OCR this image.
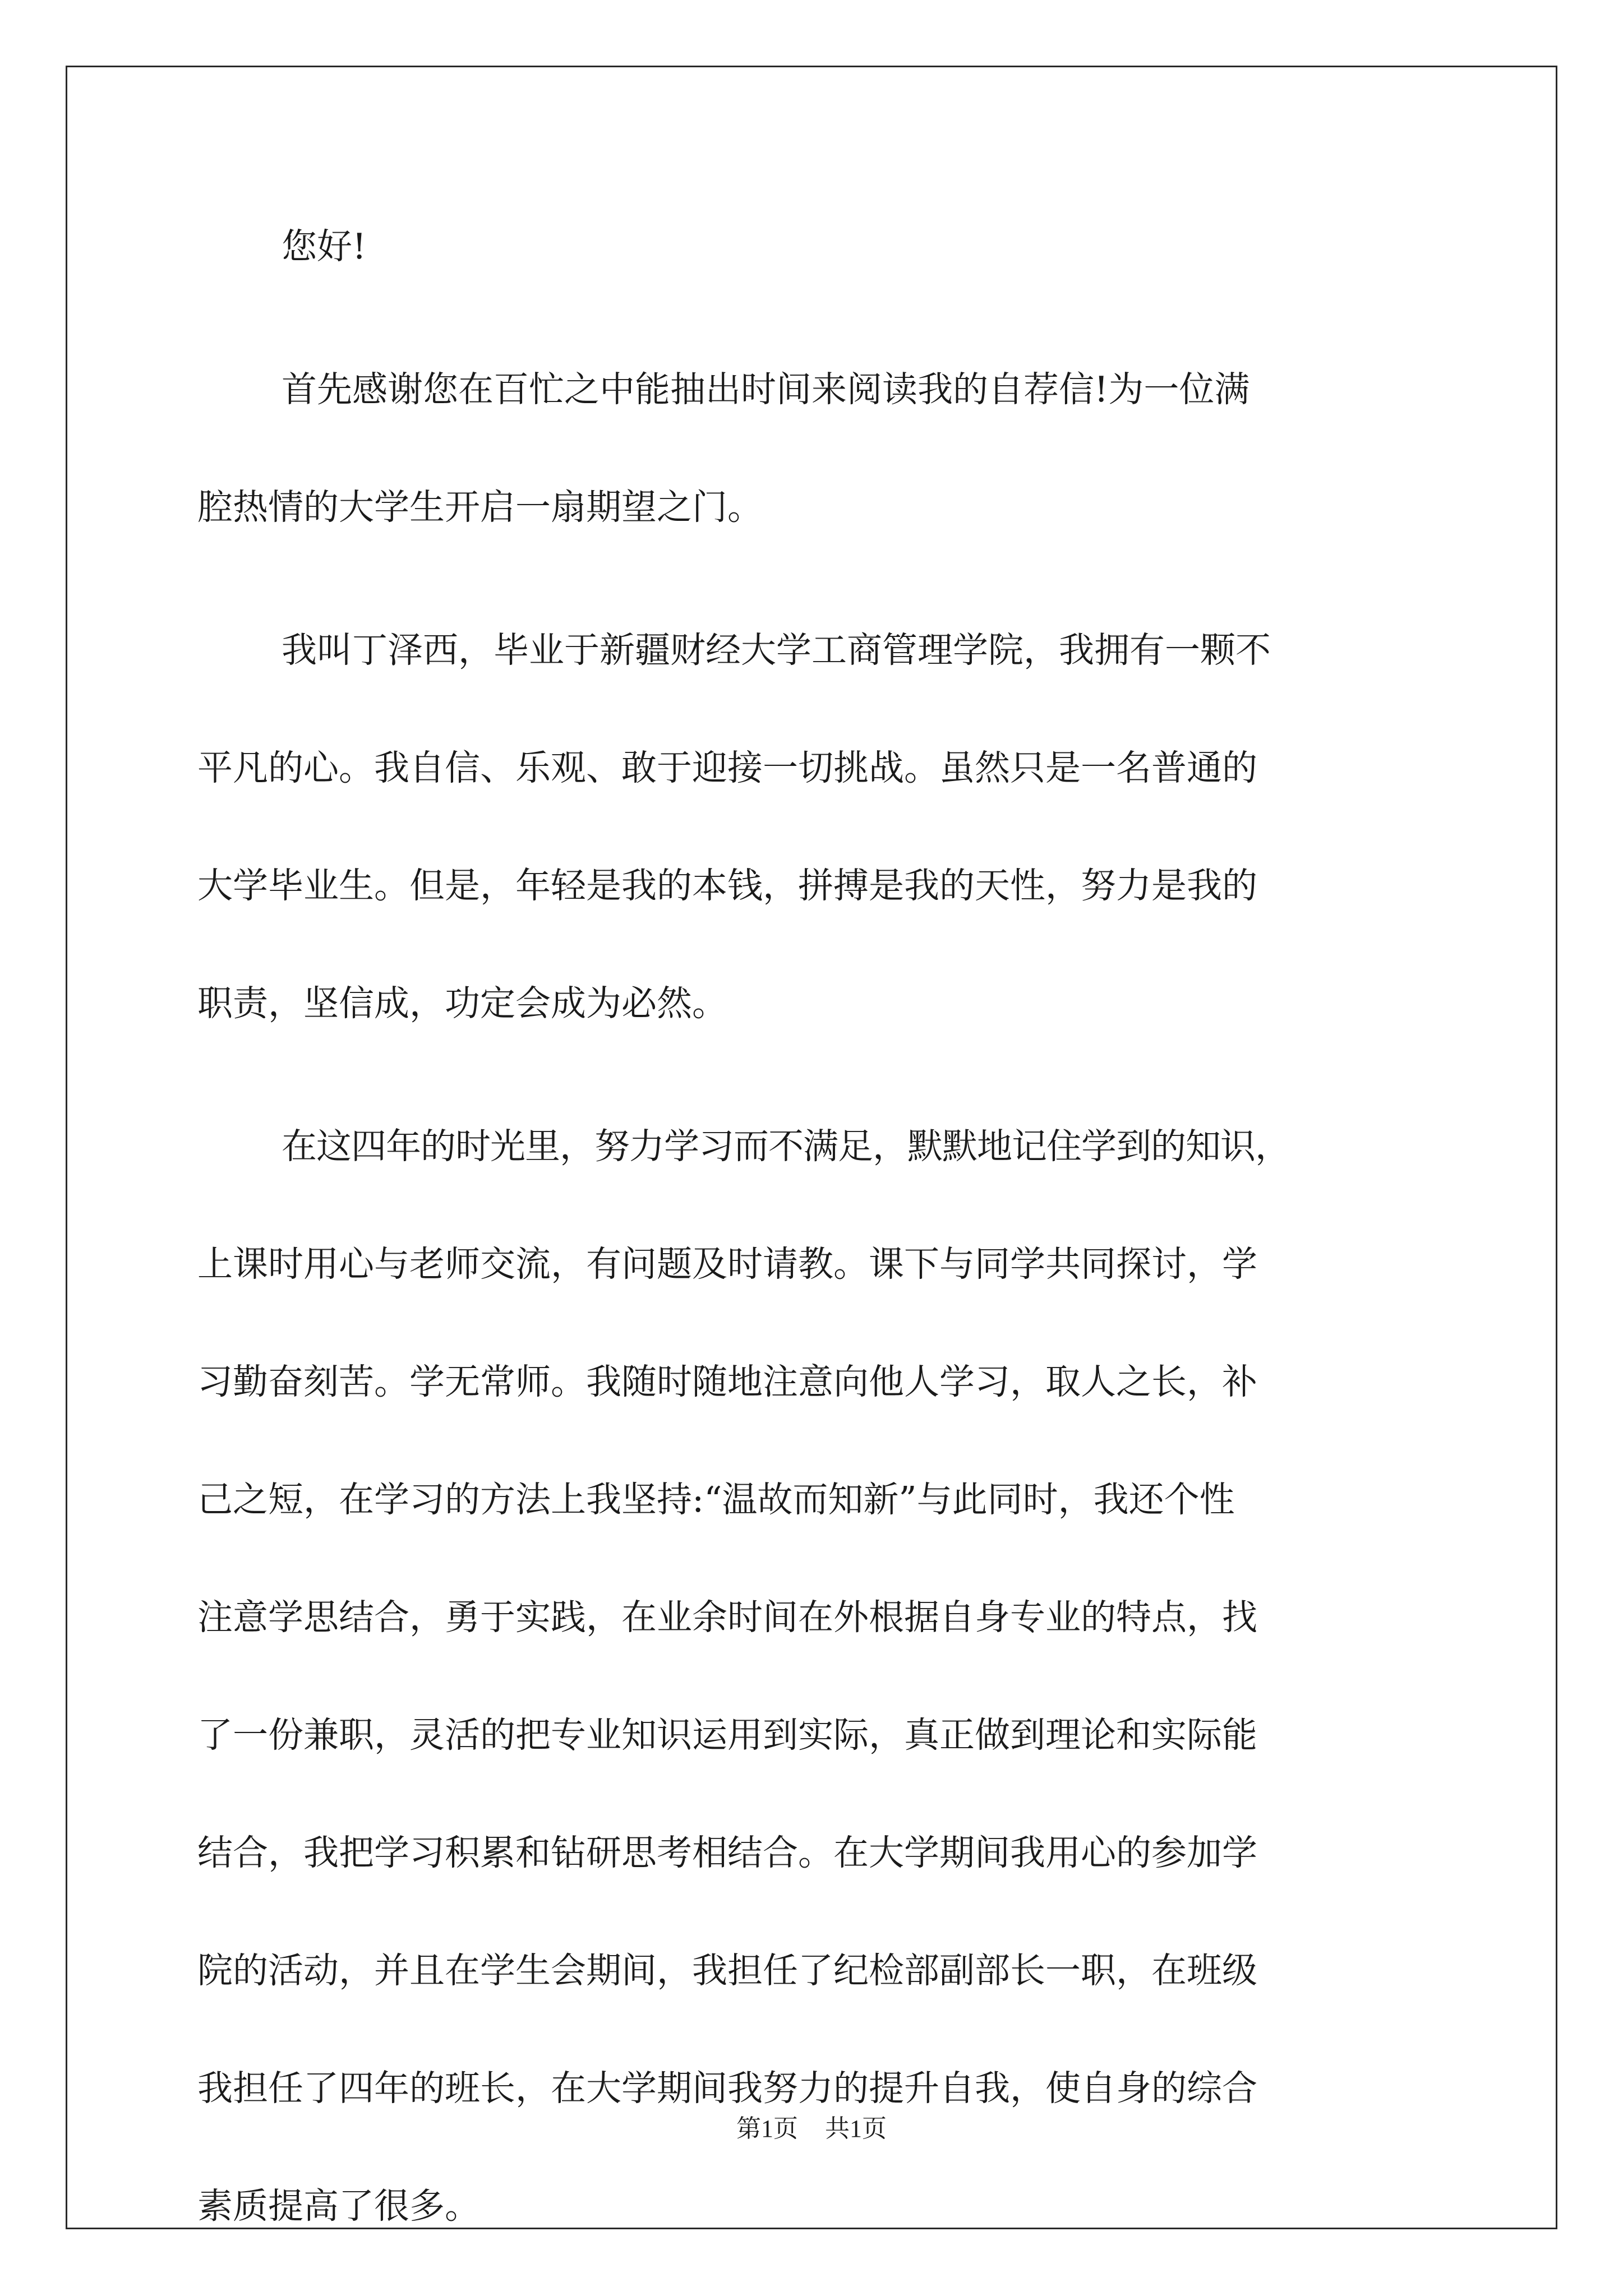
您好!
首先感谢您在百忙之中能抽出时间来阅读我的自荐信!为一位满
腔热情的大学生开启一扇期望之门。
我叫丁泽西，毕业于新疆财经大学工商管理学院，我拥有一颗不
平凡的心。我自信、乐观、敢于迎接一切挑战。虽然只是一名普通的
大学毕业生。但是，年轻是我的本钱，拼搏是我的天性，努力是我的
职责，坚信成，功定会成为必然。
在这四年的时光里，努力学习而不满足，默默地记住学到的知识，
上课时用心与老师交流，有问题及时请教。课下与同学共同探讨，学
习勤奋刻苦。学无常师。我随时随地注意向他人学习，取人之长，补
己之短，在学习的方法上我坚持:“温故而知新”与此同时，我还个性
注意学思结合，勇于实践，在业余时间在外根据自身专业的特点，找
了一份兼职，灵活的把专业知识运用到实际，真正做到理论和实际能
结合，我把学习积累和钻研思考相结合。在大学期间我用心的参加学
院的活动，并且在学生会期间，我担任了纪检部副部长一职，在班级
我担任了四年的班长，在大学期间我努力的提升自我，使自身的综合
素质提高了很多。
第1页 共1页
